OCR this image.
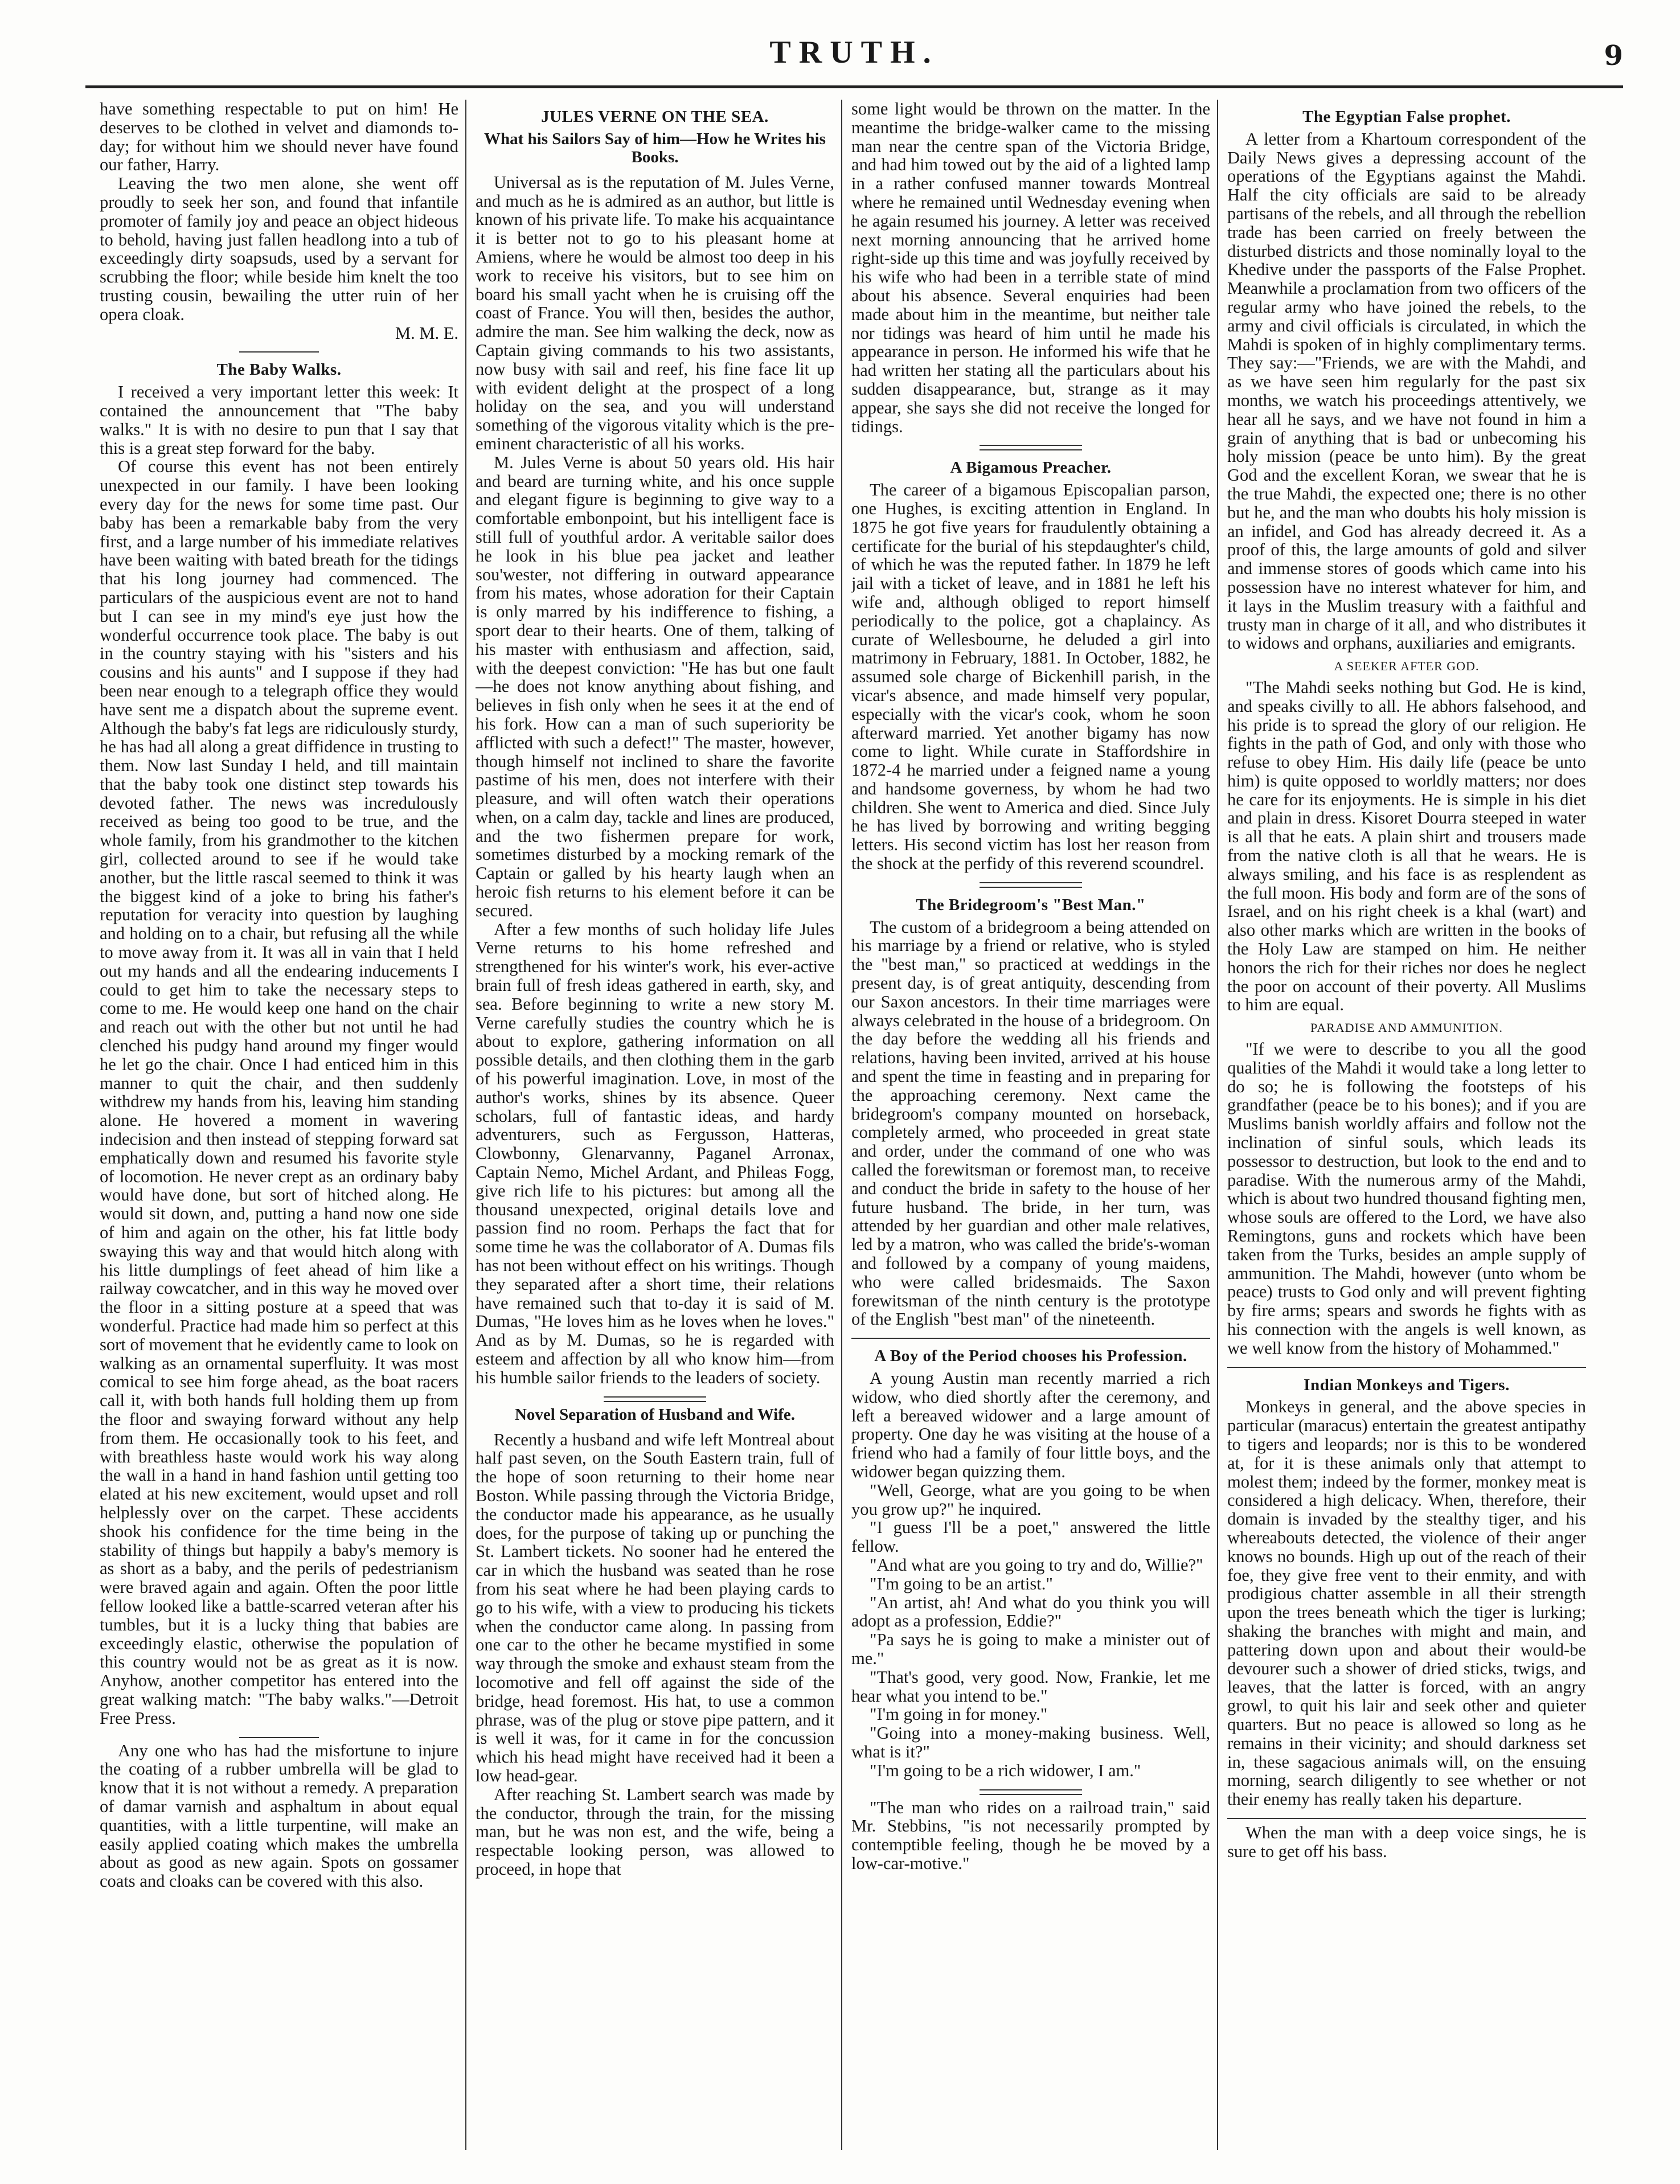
TRUTH.	9

have something respectable to put on him! He deserves to be clothed in velvet and diamonds to-day; for without him we should never have found our father, Harry.

Leaving the two men alone, she went off proudly to seek her son, and found that infantile promoter of family joy and peace an object hideous to behold, having just fallen headlong into a tub of exceedingly dirty soapsuds, used by a servant for scrubbing the floor; while beside him knelt the too trusting cousin, bewailing the utter ruin of her opera cloak.

M. M. E.

The Baby Walks.

I received a very important letter this week: It contained the announcement that "The baby walks." It is with no desire to pun that I say that this is a great step forward for the baby.

Of course this event has not been entirely unexpected in our family. I have been looking every day for the news for some time past. Our baby has been a remarkable baby from the very first, and a large number of his immediate relatives have been waiting with bated breath for the tidings that his long journey had commenced. The particulars of the auspicious event are not to hand but I can see in my mind's eye just how the wonderful occurrence took place. The baby is out in the country staying with his "sisters and his cousins and his aunts" and I suppose if they had been near enough to a telegraph office they would have sent me a dispatch about the supreme event. Although the baby's fat legs are ridiculously sturdy, he has had all along a great diffidence in trusting to them. Now last Sunday I held, and till maintain that the baby took one distinct step towards his devoted father. The news was incredulously received as being too good to be true, and the whole family, from his grandmother to the kitchen girl, collected around to see if he would take another, but the little rascal seemed to think it was the biggest kind of a joke to bring his father's reputation for veracity into question by laughing and holding on to a chair, but refusing all the while to move away from it. It was all in vain that I held out my hands and all the endearing inducements I could to get him to take the necessary steps to come to me. He would keep one hand on the chair and reach out with the other but not until he had clenched his pudgy hand around my finger would he let go the chair. Once I had enticed him in this manner to quit the chair, and then suddenly withdrew my hands from his, leaving him standing alone. He hovered a moment in wavering indecision and then instead of stepping forward sat emphatically down and resumed his favorite style of locomotion. He never crept as an ordinary baby would have done, but sort of hitched along. He would sit down, and, putting a hand now one side of him and again on the other, his fat little body swaying this way and that would hitch along with his little dumplings of feet ahead of him like a railway cowcatcher, and in this way he moved over the floor in a sitting posture at a speed that was wonderful. Practice had made him so perfect at this sort of movement that he evidently came to look on walking as an ornamental superfluity. It was most comical to see him forge ahead, as the boat racers call it, with both hands full holding them up from the floor and swaying forward without any help from them. He occasionally took to his feet, and with breathless haste would work his way along the wall in a hand in hand fashion until getting too elated at his new excitement, would upset and roll helplessly over on the carpet. These accidents shook his confidence for the time being in the stability of things but happily a baby's memory is as short as a baby, and the perils of pedestrianism were braved again and again. Often the poor little fellow looked like a battle-scarred veteran after his tumbles, but it is a lucky thing that babies are exceedingly elastic, otherwise the population of this country would not be as great as it is now. Anyhow, another competitor has entered into the great walking match: "The baby walks."—Detroit Free Press.

Any one who has had the misfortune to injure the coating of a rubber umbrella will be glad to know that it is not without a remedy. A preparation of damar varnish and asphaltum in about equal quantities, with a little turpentine, will make an easily applied coating which makes the umbrella about as good as new again. Spots on gossamer coats and cloaks can be covered with this also.

JULES VERNE ON THE SEA.
What his Sailors Say of him—How he Writes his Books.

Universal as is the reputation of M. Jules Verne, and much as he is admired as an author, but little is known of his private life. To make his acquaintance it is better not to go to his pleasant home at Amiens, where he would be almost too deep in his work to receive his visitors, but to see him on board his small yacht when he is cruising off the coast of France. You will then, besides the author, admire the man. See him walking the deck, now as Captain giving commands to his two assistants, now busy with sail and reef, his fine face lit up with evident delight at the prospect of a long holiday on the sea, and you will understand something of the vigorous vitality which is the pre-eminent characteristic of all his works.

M. Jules Verne is about 50 years old. His hair and beard are turning white, and his once supple and elegant figure is beginning to give way to a comfortable embonpoint, but his intelligent face is still full of youthful ardor. A veritable sailor does he look in his blue pea jacket and leather sou'wester, not differing in outward appearance from his mates, whose adoration for their Captain is only marred by his indifference to fishing, a sport dear to their hearts. One of them, talking of his master with enthusiasm and affection, said, with the deepest conviction: "He has but one fault—he does not know anything about fishing, and believes in fish only when he sees it at the end of his fork. How can a man of such superiority be afflicted with such a defect!" The master, however, though himself not inclined to share the favorite pastime of his men, does not interfere with their pleasure, and will often watch their operations when, on a calm day, tackle and lines are produced, and the two fishermen prepare for work, sometimes disturbed by a mocking remark of the Captain or galled by his hearty laugh when an heroic fish returns to his element before it can be secured.

After a few months of such holiday life Jules Verne returns to his home refreshed and strengthened for his winter's work, his ever-active brain full of fresh ideas gathered in earth, sky, and sea. Before beginning to write a new story M. Verne carefully studies the country which he is about to explore, gathering information on all possible details, and then clothing them in the garb of his powerful imagination. Love, in most of the author's works, shines by its absence. Queer scholars, full of fantastic ideas, and hardy adventurers, such as Fergusson, Hatteras, Clowbonny, Glenarvanny, Paganel Arronax, Captain Nemo, Michel Ardant, and Phileas Fogg, give rich life to his pictures: but among all the thousand unexpected, original details love and passion find no room. Perhaps the fact that for some time he was the collaborator of A. Dumas fils has not been without effect on his writings. Though they separated after a short time, their relations have remained such that to-day it is said of M. Dumas, "He loves him as he loves when he loves." And as by M. Dumas, so he is regarded with esteem and affection by all who know him—from his humble sailor friends to the leaders of society.

Novel Separation of Husband and Wife.

Recently a husband and wife left Montreal about half past seven, on the South Eastern train, full of the hope of soon returning to their home near Boston. While passing through the Victoria Bridge, the conductor made his appearance, as he usually does, for the purpose of taking up or punching the St. Lambert tickets. No sooner had he entered the car in which the husband was seated than he rose from his seat where he had been playing cards to go to his wife, with a view to producing his tickets when the conductor came along. In passing from one car to the other he became mystified in some way through the smoke and exhaust steam from the locomotive and fell off against the side of the bridge, head foremost. His hat, to use a common phrase, was of the plug or stove pipe pattern, and it is well it was, for it came in for the concussion which his head might have received had it been a low head-gear.

After reaching St. Lambert search was made by the conductor, through the train, for the missing man, but he was non est, and the wife, being a respectable looking person, was allowed to proceed, in hope that

some light would be thrown on the matter. In the meantime the bridge-walker came to the missing man near the centre span of the Victoria Bridge, and had him towed out by the aid of a lighted lamp in a rather confused manner towards Montreal where he remained until Wednesday evening when he again resumed his journey. A letter was received next morning announcing that he arrived home right-side up this time and was joyfully received by his wife who had been in a terrible state of mind about his absence. Several enquiries had been made about him in the meantime, but neither tale nor tidings was heard of him until he made his appearance in person. He informed his wife that he had written her stating all the particulars about his sudden disappearance, but, strange as it may appear, she says she did not receive the longed for tidings.

A Bigamous Preacher.

The career of a bigamous Episcopalian parson, one Hughes, is exciting attention in England. In 1875 he got five years for fraudulently obtaining a certificate for the burial of his stepdaughter's child, of which he was the reputed father. In 1879 he left jail with a ticket of leave, and in 1881 he left his wife and, although obliged to report himself periodically to the police, got a chaplaincy. As curate of Wellesbourne, he deluded a girl into matrimony in February, 1881. In October, 1882, he assumed sole charge of Bickenhill parish, in the vicar's absence, and made himself very popular, especially with the vicar's cook, whom he soon afterward married. Yet another bigamy has now come to light. While curate in Staffordshire in 1872-4 he married under a feigned name a young and handsome governess, by whom he had two children. She went to America and died. Since July he has lived by borrowing and writing begging letters. His second victim has lost her reason from the shock at the perfidy of this reverend scoundrel.

The Bridegroom's "Best Man."

The custom of a bridegroom a being attended on his marriage by a friend or relative, who is styled the "best man," so practiced at weddings in the present day, is of great antiquity, descending from our Saxon ancestors. In their time marriages were always celebrated in the house of a bridegroom. On the day before the wedding all his friends and relations, having been invited, arrived at his house and spent the time in feasting and in preparing for the approaching ceremony. Next came the bridegroom's company mounted on horseback, completely armed, who proceeded in great state and order, under the command of one who was called the forewitsman or foremost man, to receive and conduct the bride in safety to the house of her future husband. The bride, in her turn, was attended by her guardian and other male relatives, led by a matron, who was called the bride's-woman and followed by a company of young maidens, who were called bridesmaids. The Saxon forewitsman of the ninth century is the prototype of the English "best man" of the nineteenth.

A Boy of the Period chooses his Profession.

A young Austin man recently married a rich widow, who died shortly after the ceremony, and left a bereaved widower and a large amount of property. One day he was visiting at the house of a friend who had a family of four little boys, and the widower began quizzing them.

"Well, George, what are you going to be when you grow up?" he inquired.

"I guess I'll be a poet," answered the little fellow.

"And what are you going to try and do, Willie?"

"I'm going to be an artist."

"An artist, ah! And what do you think you will adopt as a profession, Eddie?"

"Pa says he is going to make a minister out of me."

"That's good, very good. Now, Frankie, let me hear what you intend to be."

"I'm going in for money."

"Going into a money-making business. Well, what is it?"

"I'm going to be a rich widower, I am."

"The man who rides on a railroad train," said Mr. Stebbins, "is not necessarily prompted by contemptible feeling, though he be moved by a low-car-motive."

The Egyptian False prophet.

A letter from a Khartoum correspondent of the Daily News gives a depressing account of the operations of the Egyptians against the Mahdi. Half the city officials are said to be already partisans of the rebels, and all through the rebellion trade has been carried on freely between the disturbed districts and those nominally loyal to the Khedive under the passports of the False Prophet. Meanwhile a proclamation from two officers of the regular army who have joined the rebels, to the army and civil officials is circulated, in which the Mahdi is spoken of in highly complimentary terms. They say:—"Friends, we are with the Mahdi, and as we have seen him regularly for the past six months, we watch his proceedings attentively, we hear all he says, and we have not found in him a grain of anything that is bad or unbecoming his holy mission (peace be unto him). By the great God and the excellent Koran, we swear that he is the true Mahdi, the expected one; there is no other but he, and the man who doubts his holy mission is an infidel, and God has already decreed it. As a proof of this, the large amounts of gold and silver and immense stores of goods which came into his possession have no interest whatever for him, and it lays in the Muslim treasury with a faithful and trusty man in charge of it all, and who distributes it to widows and orphans, auxiliaries and emigrants.

A SEEKER AFTER GOD.

"The Mahdi seeks nothing but God. He is kind, and speaks civilly to all. He abhors falsehood, and his pride is to spread the glory of our religion. He fights in the path of God, and only with those who refuse to obey Him. His daily life (peace be unto him) is quite opposed to worldly matters; nor does he care for its enjoyments. He is simple in his diet and plain in dress. Kisoret Dourra steeped in water is all that he eats. A plain shirt and trousers made from the native cloth is all that he wears. He is always smiling, and his face is as resplendent as the full moon. His body and form are of the sons of Israel, and on his right cheek is a khal (wart) and also other marks which are written in the books of the Holy Law are stamped on him. He neither honors the rich for their riches nor does he neglect the poor on account of their poverty. All Muslims to him are equal.

PARADISE AND AMMUNITION.

"If we were to describe to you all the good qualities of the Mahdi it would take a long letter to do so; he is following the footsteps of his grandfather (peace be to his bones); and if you are Muslims banish worldly affairs and follow not the inclination of sinful souls, which leads its possessor to destruction, but look to the end and to paradise. With the numerous army of the Mahdi, which is about two hundred thousand fighting men, whose souls are offered to the Lord, we have also Remingtons, guns and rockets which have been taken from the Turks, besides an ample supply of ammunition. The Mahdi, however (unto whom be peace) trusts to God only and will prevent fighting by fire arms; spears and swords he fights with as his connection with the angels is well known, as we well know from the history of Mohammed."

Indian Monkeys and Tigers.

Monkeys in general, and the above species in particular (maracus) entertain the greatest antipathy to tigers and leopards; nor is this to be wondered at, for it is these animals only that attempt to molest them; indeed by the former, monkey meat is considered a high delicacy. When, therefore, their domain is invaded by the stealthy tiger, and his whereabouts detected, the violence of their anger knows no bounds. High up out of the reach of their foe, they give free vent to their enmity, and with prodigious chatter assemble in all their strength upon the trees beneath which the tiger is lurking; shaking the branches with might and main, and pattering down upon and about their would-be devourer such a shower of dried sticks, twigs, and leaves, that the latter is forced, with an angry growl, to quit his lair and seek other and quieter quarters. But no peace is allowed so long as he remains in their vicinity; and should darkness set in, these sagacious animals will, on the ensuing morning, search diligently to see whether or not their enemy has really taken his departure.

When the man with a deep voice sings, he is sure to get off his bass.
